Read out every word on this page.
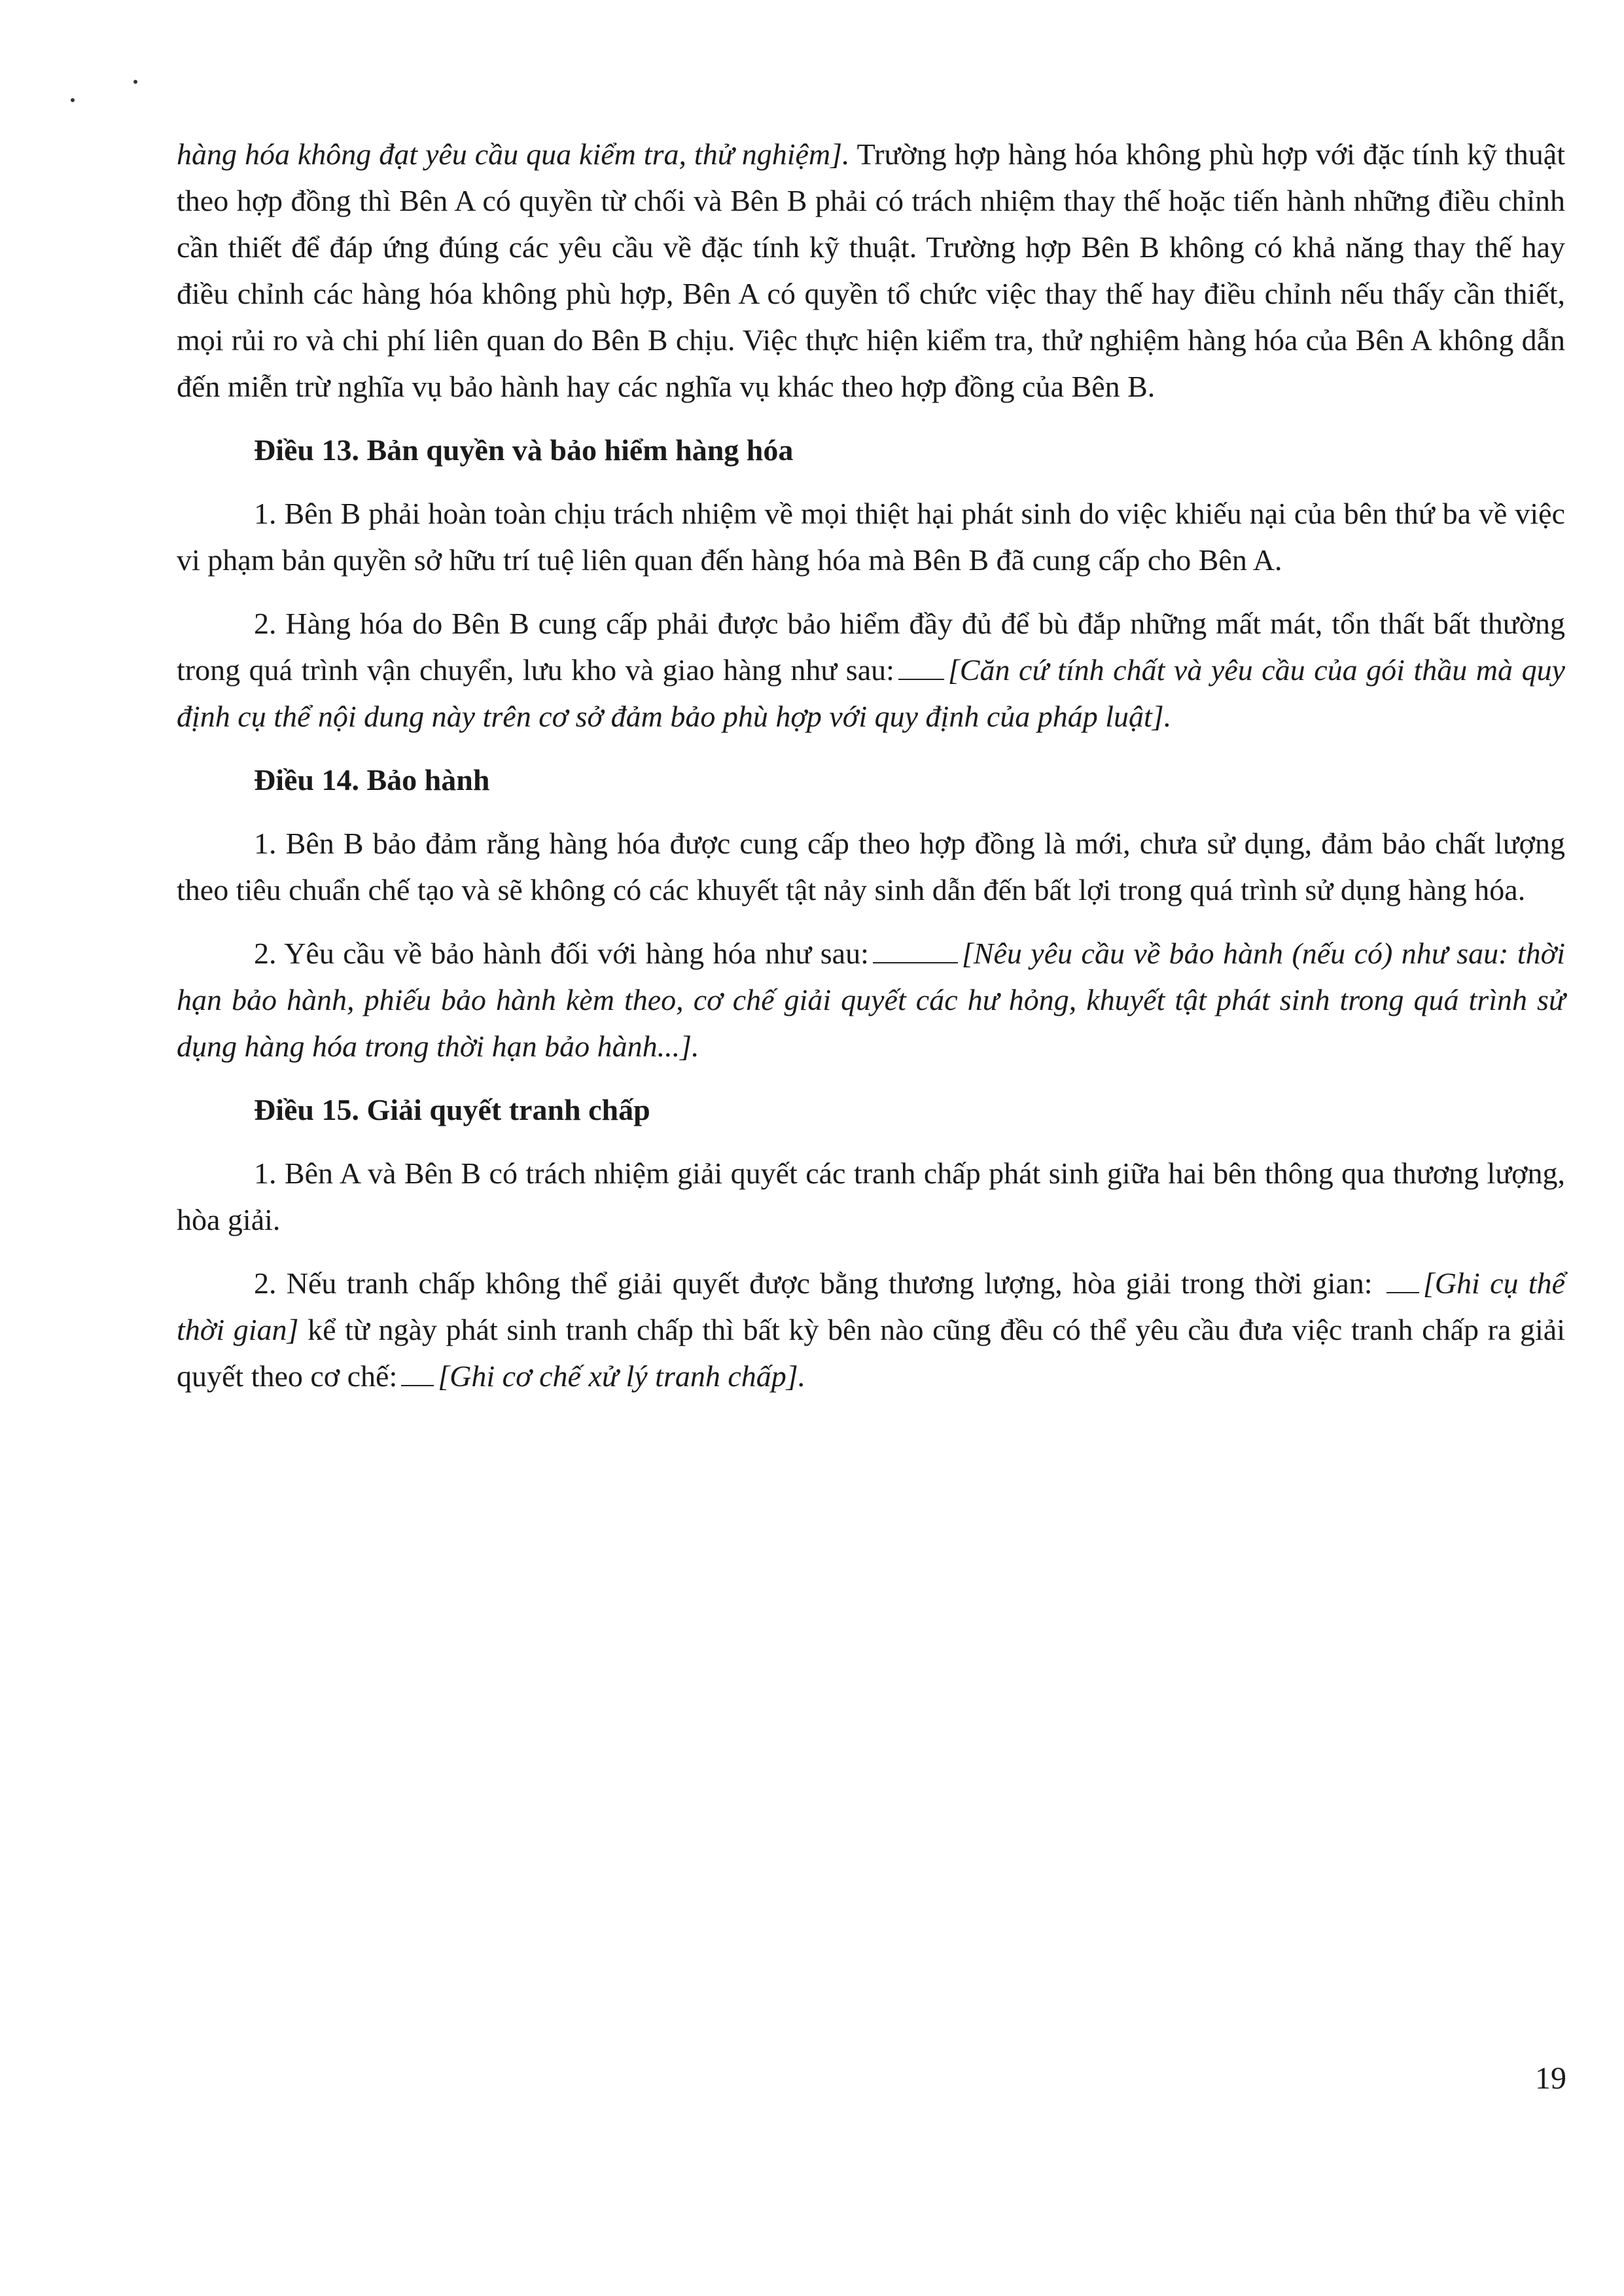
hàng hóa không đạt yêu cầu qua kiểm tra, thử nghiệm]. Trường hợp hàng hóa không phù hợp với đặc tính kỹ thuật theo hợp đồng thì Bên A có quyền từ chối và Bên B phải có trách nhiệm thay thế hoặc tiến hành những điều chỉnh cần thiết để đáp ứng đúng các yêu cầu về đặc tính kỹ thuật. Trường hợp Bên B không có khả năng thay thế hay điều chỉnh các hàng hóa không phù hợp, Bên A có quyền tổ chức việc thay thế hay điều chỉnh nếu thấy cần thiết, mọi rủi ro và chi phí liên quan do Bên B chịu. Việc thực hiện kiểm tra, thử nghiệm hàng hóa của Bên A không dẫn đến miễn trừ nghĩa vụ bảo hành hay các nghĩa vụ khác theo hợp đồng của Bên B.

Điều 13. Bản quyền và bảo hiểm hàng hóa

1. Bên B phải hoàn toàn chịu trách nhiệm về mọi thiệt hại phát sinh do việc khiếu nại của bên thứ ba về việc vi phạm bản quyền sở hữu trí tuệ liên quan đến hàng hóa mà Bên B đã cung cấp cho Bên A.

2. Hàng hóa do Bên B cung cấp phải được bảo hiểm đầy đủ để bù đắp những mất mát, tổn thất bất thường trong quá trình vận chuyển, lưu kho và giao hàng như sau: [Căn cứ tính chất và yêu cầu của gói thầu mà quy định cụ thể nội dung này trên cơ sở đảm bảo phù hợp với quy định của pháp luật].

Điều 14. Bảo hành

1. Bên B bảo đảm rằng hàng hóa được cung cấp theo hợp đồng là mới, chưa sử dụng, đảm bảo chất lượng theo tiêu chuẩn chế tạo và sẽ không có các khuyết tật nảy sinh dẫn đến bất lợi trong quá trình sử dụng hàng hóa.

2. Yêu cầu về bảo hành đối với hàng hóa như sau:	[Nêu yêu cầu về bảo hành (nếu có) như sau: thời hạn bảo hành, phiếu bảo hành kèm theo, cơ chế giải quyết các hư hỏng, khuyết tật phát sinh trong quá trình sử dụng hàng hóa trong thời hạn bảo hành...].

Điều 15. Giải quyết tranh chấp

1. Bên A và Bên B có trách nhiệm giải quyết các tranh chấp phát sinh giữa hai bên thông qua thương lượng, hòa giải.

2. Nếu tranh chấp không thể giải quyết được bằng thương lượng, hòa giải trong thời gian: [Ghi cụ thể thời gian] kể từ ngày phát sinh tranh chấp thì bất kỳ bên nào cũng đều có thể yêu cầu đưa việc tranh chấp ra giải quyết theo cơ chế: [Ghi cơ chế xử lý tranh chấp].

19
